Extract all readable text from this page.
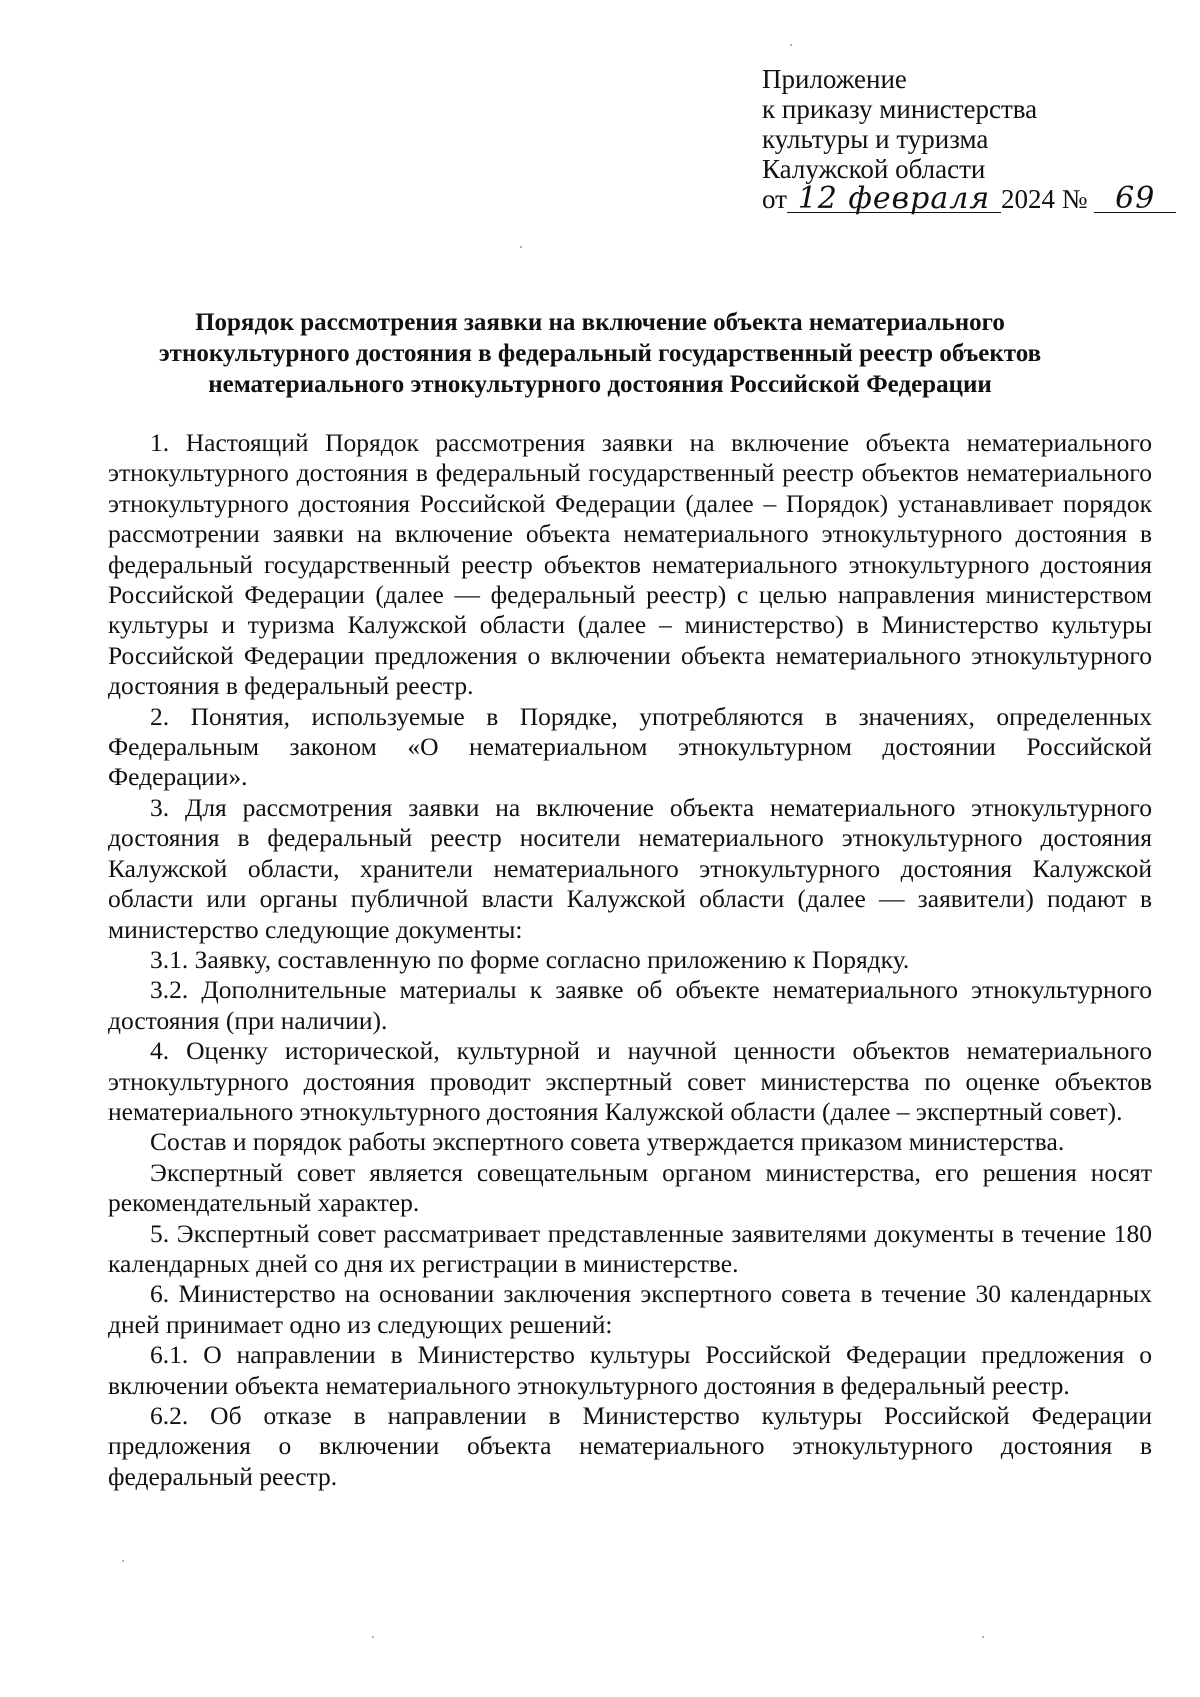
Приложение
к приказу министерства
культуры и туризма
Калужской области
от 12 февраля 2024 № 69
Порядок рассмотрения заявки на включение объекта нематериального
этнокультурного достояния в федеральный государственный реестр объектов
нематериального этнокультурного достояния Российской Федерации

1. Настоящий Порядок рассмотрения заявки на включение объекта нематериального этнокультурного достояния в федеральный государственный реестр объектов нематериального этнокультурного достояния Российской Федерации (далее – Порядок) устанавливает порядок рассмотрении заявки на включение объекта нематериального этнокультурного достояния в федеральный государственный реестр объектов нематериального этнокультурного достояния Российской Федерации (далее — федеральный реестр) с целью направления министерством культуры и туризма Калужской области (далее – министерство) в Министерство культуры Российской Федерации предложения о включении объекта нематериального этнокультурного достояния в федеральный реестр.

2. Понятия, используемые в Порядке, употребляются в значениях, определенных Федеральным законом «О нематериальном этнокультурном достоянии Российской Федерации».

3. Для рассмотрения заявки на включение объекта нематериального этнокультурного достояния в федеральный реестр носители нематериального этнокультурного достояния Калужской области, хранители нематериального этнокультурного достояния Калужской области или органы публичной власти Калужской области (далее — заявители) подают в министерство следующие документы:

3.1. Заявку, составленную по форме согласно приложению к Порядку.

3.2. Дополнительные материалы к заявке об объекте нематериального этнокультурного достояния (при наличии).

4. Оценку исторической, культурной и научной ценности объектов нематериального этнокультурного достояния проводит экспертный совет министерства по оценке объектов нематериального этнокультурного достояния Калужской области (далее – экспертный совет).

Состав и порядок работы экспертного совета утверждается приказом министерства.

Экспертный совет является совещательным органом министерства, его решения носят рекомендательный характер.

5. Экспертный совет рассматривает представленные заявителями документы в течение 180 календарных дней со дня их регистрации в министерстве.

6. Министерство на основании заключения экспертного совета в течение 30 календарных дней принимает одно из следующих решений:

6.1. О направлении в Министерство культуры Российской Федерации предложения о включении объекта нематериального этнокультурного достояния в федеральный реестр.

6.2. Об отказе в направлении в Министерство культуры Российской Федерации предложения о включении объекта нематериального этнокультурного достояния в федеральный реестр.
